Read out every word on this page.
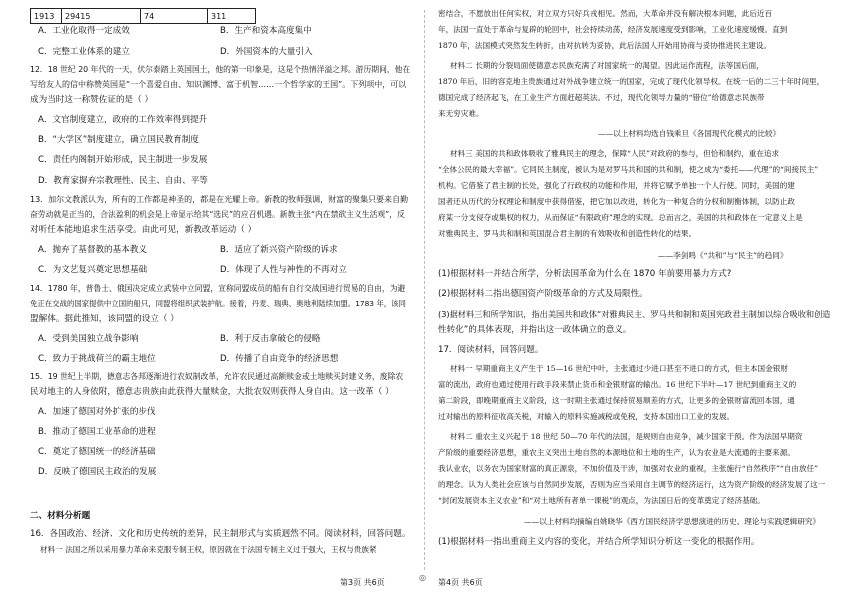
1913	29415	74	311
A．工业化取得一定成效	B．生产和资本高度集中
C．完整工业体系的建立	D．外国资本的大量引入
12．18 世纪 20 年代的一天，伏尔泰踏上英国国土，他的第一印象是，这是个热情洋溢之邦。游历期间，他在
写给友人的信中称赞英国是“一个喜爱自由、知识渊博、富于机智……一个哲学家的王国”。下列项中，可以
成为当时这一称赞佐证的是（ ）
A．文官制度建立，政府的工作效率得到提升
B．“大学区”制度建立，确立国民教育制度
C．责任内阁制开始形成，民主制进一步发展
D．教育家摒弃宗教理性、民主、自由、平等
13．加尔文教派认为，所有的工作都是神圣的，都是在光耀上帝。新教的牧师强调，财富的聚集只要来自勤
奋劳动就是正当的，合法盈利的机会是上帝显示给其“选民”的应召机遇。新教主张“内在禁欲主义生活观”，反
对听任本能地追求生活享受。由此可见，新教改革运动（ ）
A．抛弃了基督教的基本教义	B．适应了新兴资产阶级的诉求
C．为文艺复兴奠定思想基础	D．体现了人性与神性的不再对立
14．1780 年，普鲁士、俄国决定成立武装中立同盟，宣称同盟成员的船有自行交战国进行贸易的自由，为避
免正在交战的国家提供中立国的船只，同盟将组织武装护航。接着，丹麦、瑞典、奥地利陆续加盟。1783 年，该同
盟解体。据此推知，该同盟的设立（ ）
A．受到美国独立战争影响	B．利于反击拿破仑的侵略
C．致力于挑战荷兰的霸主地位	D．传播了自由竞争的经济思想
15．19 世纪上半期，德意志各邦逐渐进行农奴制改革，允许农民通过高额赎金或土地赎买封建义务，废除农
民对地主的人身依附，德意志贵族由此获得大量赎金，大批农奴则获得人身自由。这一改革（ ）
A．加速了德国对外扩张的步伐
B．推动了德国工业革命的进程
C．奠定了德国统一的经济基础
D．反映了德国民主政治的发展
二、材料分析题
16．各国政治、经济、文化和历史传统的差异，民主制形式与实质迥然不同。阅读材料，回答问题。
材料一 法国之所以采用暴力革命来克服专制王权，原因就在于法国专制主义过于强大，王权与贵族紧
第3页 共6页
◎
密结合，不愿放出任何实权，对立双方只好兵戎相见。然而，大革命并没有解决根本问题，此后近百
年，法国一直处于革命与复辟的轮回中，社会持续动荡，经济发展速度受到影响，工业化速度缓慢。直到
1870 年，法国模式突然发生转折，由对抗转为妥协，此后法国人开始用协商与妥协推进民主建设。
材料二 长期的分裂局面使德意志民族充满了对国家统一的渴望。因此运作流程，法等国后面，
1870 年后，旧的容克地主贵族通过对外战争建立统一的国家，完成了现代化领导权。在统一后的二三十年时间里，
德国完成了经济起飞，在工业生产方面赶超英法。不过，现代化领导力量的“错位”给德意志民族带
来无穷灾难。
——以上材料均选自钱乘旦《各国现代化模式的比较》
材料三 美国的共和政体吸收了雅典民主的理念，保障“人民”对政府的参与，但恰和制约，重在追求
“全体公民的最大幸福”。它同民主制度，被认为是对罗马共和国的共和制，使之成为“委托——代理”的“间接民主”
机构。它借鉴了君主制的长处，强化了行政权的功能和作用，并将它赋予单独一个人行使。同时，美国的建
国者还从历代的分权理论和制度中获得借鉴，把它加以改进，转化为一种复合的分权和制衡体制，以防止政
府某一分支侵夺或集权的权力，从而保证“有限政府”理念的实现。总而言之，美国的共和政体在一定意义上是
对雅典民主、罗马共和制和英国混合君主制的有效吸收和创造性转化的结果。
——李剑鸣《“共和”与“民主”的趋同》
(1)根据材料一并结合所学，分析法国革命为什么在 1870 年前要用暴力方式?
(2)根据材料二指出德国资产阶级革命的方式及局限性。
(3)据材料三和所学知识，指出美国共和政体“对雅典民主、罗马共和制和英国宪政君主制加以综合吸收和创造
性转化”的具体表现，并指出这一政体确立的意义。
17．阅读材料，回答问题。
材料一 早期重商主义产生于 15—16 世纪中叶，主张通过少进口甚至不进口的方式，但主本国金银财
富的流出，政府也通过使用行政手段来禁止货币和金银财富的输出。16 世纪下半叶—17 世纪到重商主义的
第二阶段，即晚期重商主义阶段，这一时期主张通过保持贸易顺差的方式，让更多的金银财富流回本国，通
过对输出的原料征收高关税，对输入的原料实施减税或免税，支持本国出口工业的发展。
材料二 重农主义兴起于 18 世纪 50—70 年代的法国，是规则自由竞争，减少国家干预。作为法国早期资
产阶级的重要经济思想，重农主义突出土地自然的本源地位和土地的生产，认为农业是大流通的主要来源。
我认业农，以务农为国家财富的真正源泉，不加价值及干涉，加强对农业的重视，主张施行“自然秩序”“自由放任”
的理念。认为人类社会应该与自然同步发展，否则为应当采用自主调节的经济运行，这为资产阶级的经济发展了这一
“封闭发展资本主义农业”和“对土地所有者单一课税”的观点，为法国日后的变革奠定了经济基础。
——以上材料均摘编自姚晓华《西方国民经济学思想演进的历史、理论与实践逻辑研究》
(1)根据材料一指出重商主义内容的变化，并结合所学知识分析这一变化的根据作用。
第4页 共6页
